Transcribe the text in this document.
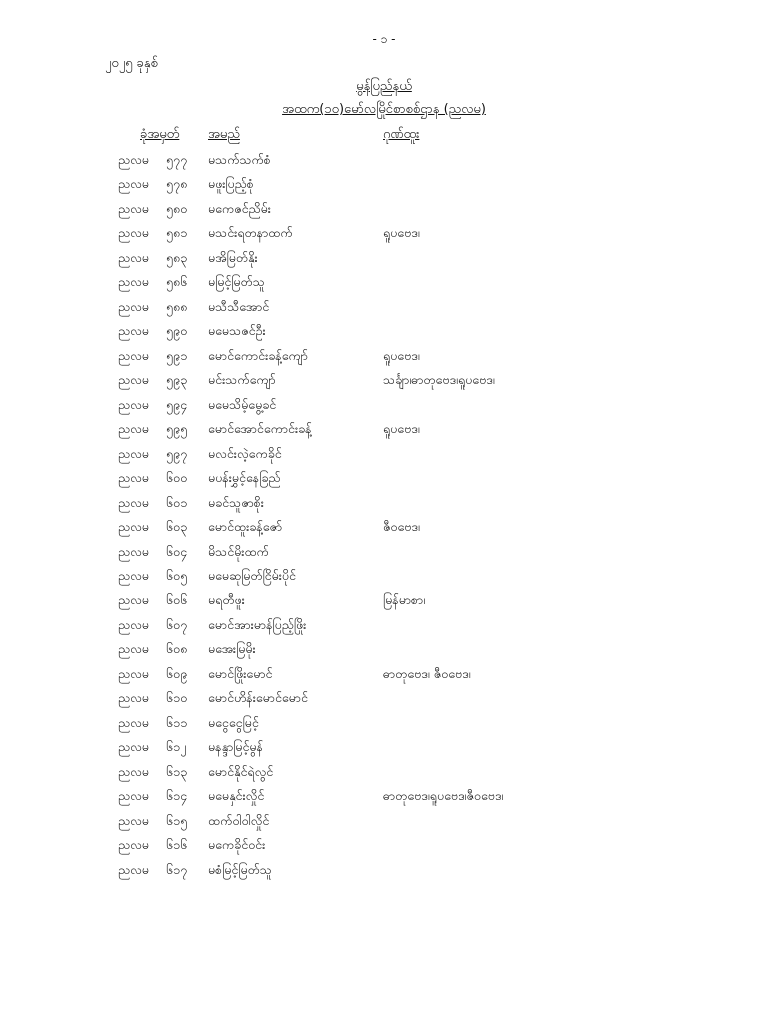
- ၁ -
၂၀၂၅ ခုနှစ်
မွန်ပြည်နယ်
အထက(၁၀)မော်လမြိုင်စာစစ်ဌာန (ညလမ)
ခုံအမှတ် အမည်	ဂုဏ်ထူး
ညလမ ၅၇၇ မသက်သက်စံ
ညလမ ၅၇၈ မဖူးပြည့်စုံ
ညလမ ၅၈၀ မကေဇင်ညိမ်း
ညလမ ၅၈၁ မသင်းရတနာထက်	ရူပဗေဒ၊
ညလမ ၅၈၃ မအိမြတ်နိုး
ညလမ ၅၈၆ မမြင့်မြတ်သူ
ညလမ ၅၈၈ မသီသီအောင်
ညလမ ၅၉၀ မမေသဇင်ဦး
ညလမ ၅၉၁ မောင်ကောင်းခန့်ကျော်	ရူပဗေဒ၊
ညလမ ၅၉၃ မင်းသက်ကျော်	သင်္ချာ၊ဓာတုဗေဒ၊ရူပဗေဒ၊
ညလမ ၅၉၄ မမေသိမ့်မွေ့ခင်
ညလမ ၅၉၅ မောင်အောင်ကောင်းခန့်	ရူပဗေဒ၊
ညလမ ၅၉၇ မလင်းလဲ့ကေခိုင်
ညလမ ၆၀၀ မပန်းမွှင့်နေခြည်
ညလမ ၆၀၁ မခင်သူဇာစိုး
ညလမ ၆၀၃ မောင်ထူးခန့်ဇော်	ဇီဝဗေဒ၊
ညလမ ၆၀၄ မိသင်မိုးထက်
ညလမ ၆၀၅ မမေဆုမြတ်ငြိမ်းပိုင်
ညလမ ၆၀၆ မရတီဖူး	မြန်မာစာ၊
ညလမ ၆၀၇ မောင်အားမာန်ပြည့်ဖြိုး
ညလမ ၆၀၈ မအေးမြမိုး
ညလမ ၆၀၉ မောင်ဖြိုးမောင်	ဓာတုဗေဒ၊ ဇီဝဗေဒ၊
ညလမ ၆၁၀ မောင်ဟိန်းမောင်မောင်
ညလမ ၆၁၁ မငွေငွေမြင့်
ညလမ ၆၁၂ မနန္ဒာမြင့်မွန်
ညလမ ၆၁၃ မောင်နိုင်ရဲလွင်
ညလမ ၆၁၄ မမေနှင်းလှိုင်	ဓာတုဗေဒ၊ရူပဗေဒ၊ဇီဝဗေဒ၊
ညလမ ၆၁၅ ထက်ဝါဝါလှိုင်
ညလမ ၆၁၆ မကေခိုင်ဝင်း
ညလမ ၆၁၇ မစံမြင့်မြတ်သူ
